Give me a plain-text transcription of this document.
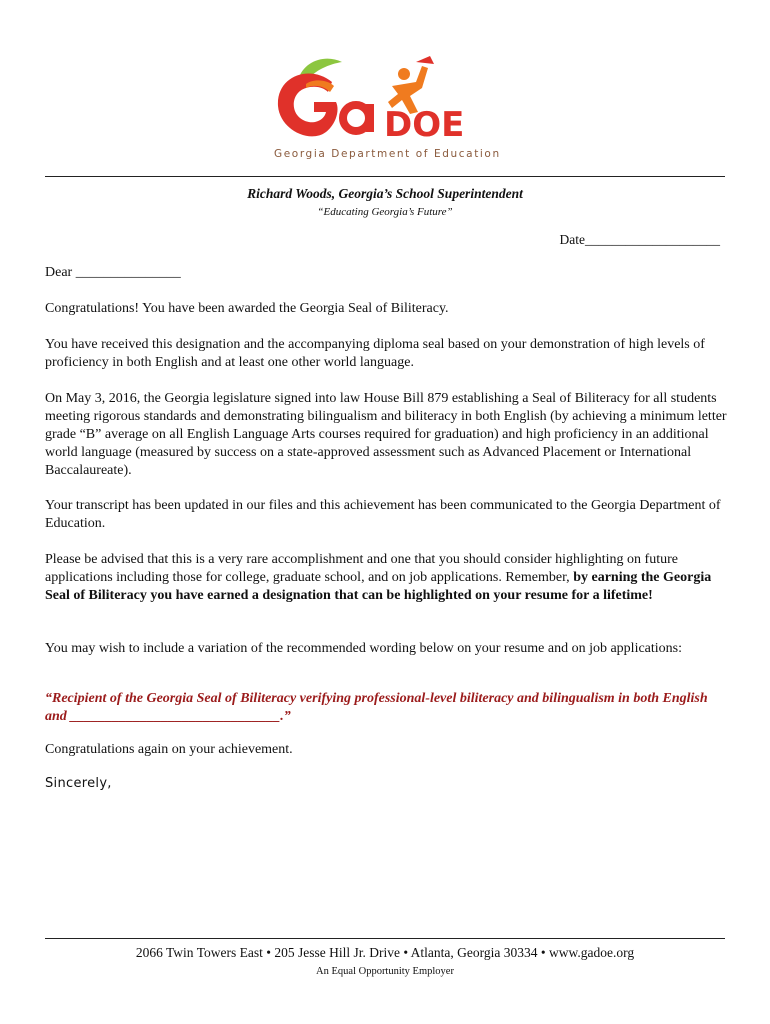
DOE
Georgia Department of Education
Richard Woods, Georgia’s School Superintendent
“Educating Georgia’s Future”
Date____________________

Dear _______________

Congratulations! You have been awarded the Georgia Seal of Biliteracy.

You have received this designation and the accompanying diploma seal based on your demonstration of high levels of proficiency in both English and at least one other world language.

On May 3, 2016, the Georgia legislature signed into law House Bill 879 establishing a Seal of Biliteracy for all students meeting rigorous standards and demonstrating bilingualism and biliteracy in both English (by achieving a minimum letter grade “B” average on all English Language Arts courses required for graduation) and high proficiency in an additional world language (measured by success on a state-approved assessment such as Advanced Placement or International Baccalaureate).

Your transcript has been updated in our files and this achievement has been communicated to the Georgia Department of Education.

Please be advised that this is a very rare accomplishment and one that you should consider highlighting on future applications including those for college, graduate school, and on job applications. Remember, by earning the Georgia Seal of Biliteracy you have earned a designation that can be highlighted on your resume for a lifetime!

You may wish to include a variation of the recommended wording below on your resume and on job applications:

“Recipient of the Georgia Seal of Biliteracy verifying professional-level biliteracy and bilingualism in both English and ______________________________.”

Congratulations again on your achievement.

Sincerely,

2066 Twin Towers East • 205 Jesse Hill Jr. Drive • Atlanta, Georgia 30334 • www.gadoe.org
An Equal Opportunity Employer
